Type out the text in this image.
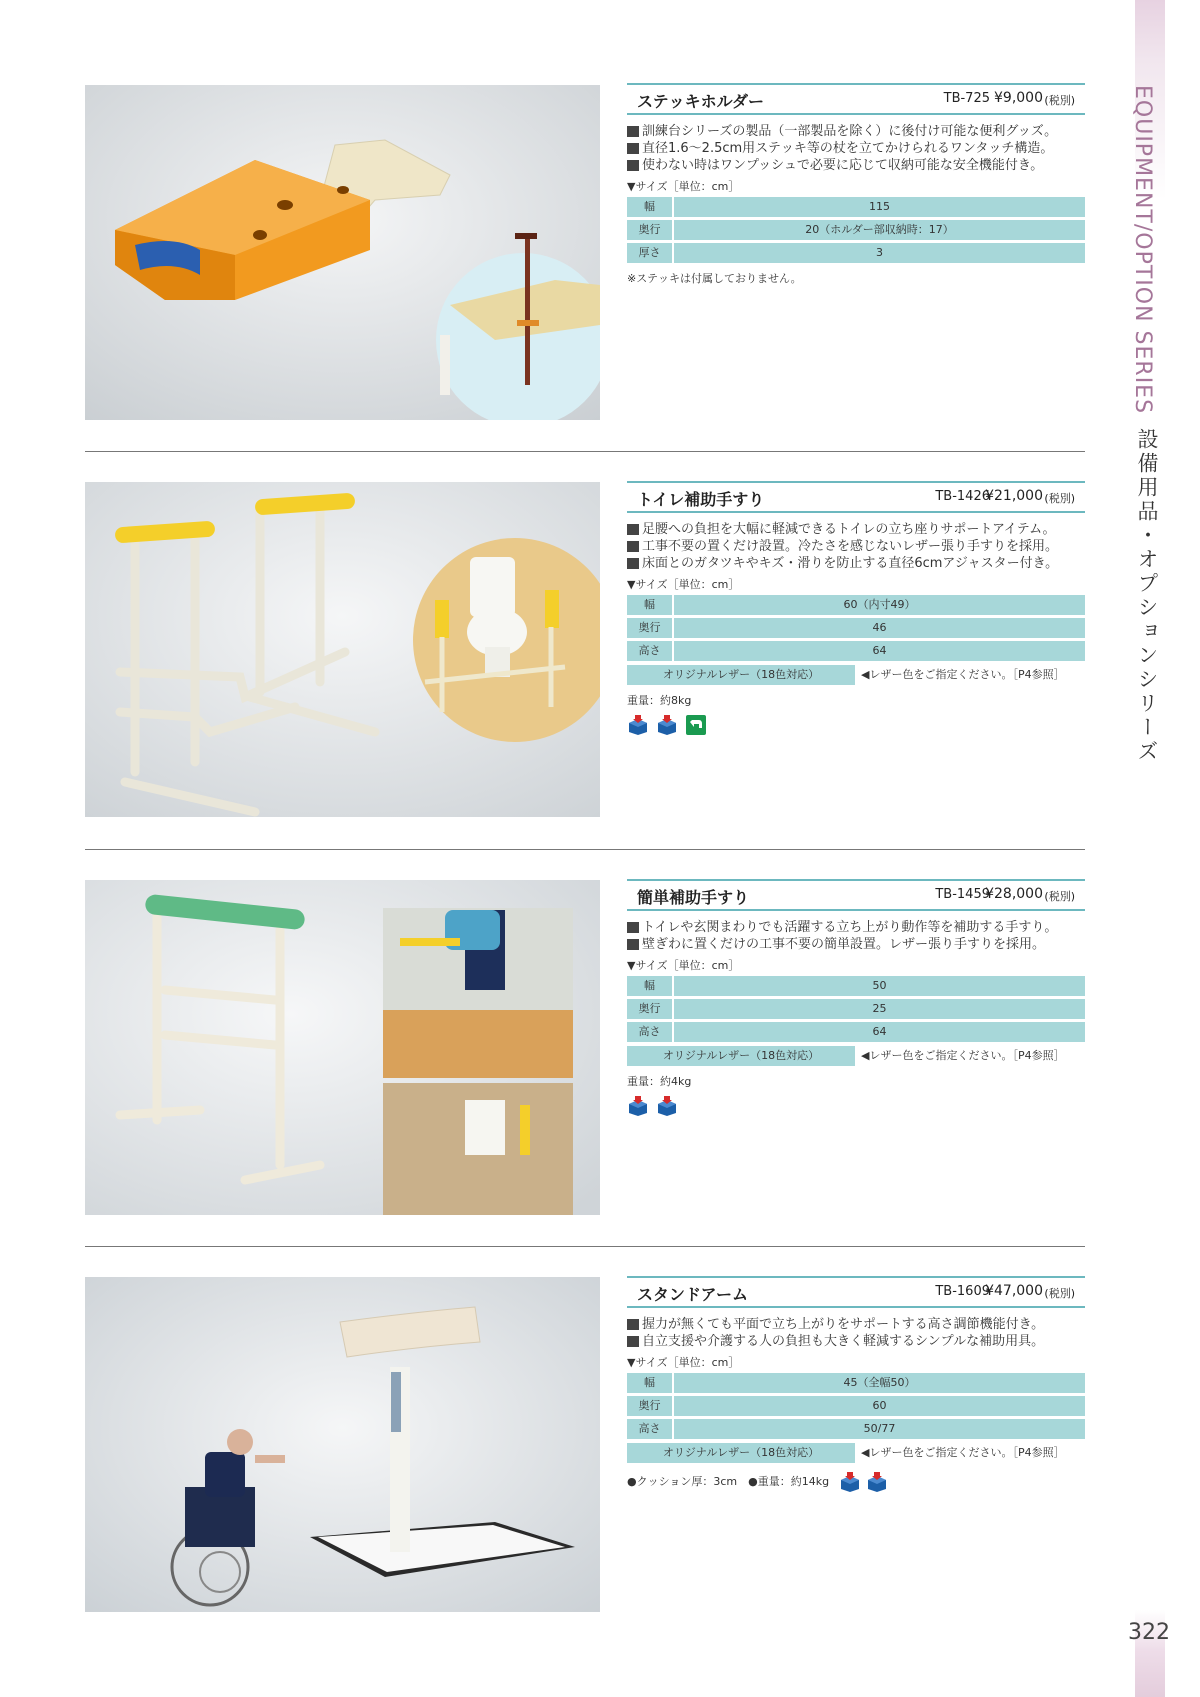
EQUIPMENT/OPTION SERIES
設備用品・オプションシリーズ
322
ステッキホルダー	TB-725 ¥9,000 (税別)
訓練台シリーズの製品（一部製品を除く）に後付け可能な便利グッズ。
直径1.6〜2.5cm用ステッキ等の杖を立てかけられるワンタッチ構造。
使わない時はワンプッシュで必要に応じて収納可能な安全機能付き。
▼サイズ［単位：cm］
幅	115
奥行	20（ホルダー部収納時：17）
厚さ	3
※ステッキは付属しておりません。
トイレ補助手すり	TB-1426
¥21,000 (税別)
足腰への負担を大幅に軽減できるトイレの立ち座りサポートアイテム。
工事不要の置くだけ設置。冷たさを感じないレザー張り手すりを採用。
床面とのガタツキやキズ・滑りを防止する直径6cmアジャスター付き。
▼サイズ［単位：cm］
幅	60（内寸49）
奥行	46
高さ	64
オリジナルレザー（18色対応）	◀レザー色をご指定ください。［P4参照］
重量：約8kg

簡単補助手すり	TB-1459
¥28,000 (税別)
トイレや玄関まわりでも活躍する立ち上がり動作等を補助する手すり。
壁ぎわに置くだけの工事不要の簡単設置。レザー張り手すりを採用。
▼サイズ［単位：cm］
幅	50
奥行	25
高さ	64
オリジナルレザー（18色対応）	◀レザー色をご指定ください。［P4参照］
重量：約4kg

スタンドアーム	TB-1609
¥47,000 (税別)
握力が無くても平面で立ち上がりをサポートする高さ調節機能付き。
自立支援や介護する人の負担も大きく軽減するシンプルな補助用具。
▼サイズ［単位：cm］
幅	45（全幅50）
奥行	60
高さ	50/77
オリジナルレザー（18色対応）	◀レザー色をご指定ください。［P4参照］
●クッション厚：3cm　●重量：約14kg
